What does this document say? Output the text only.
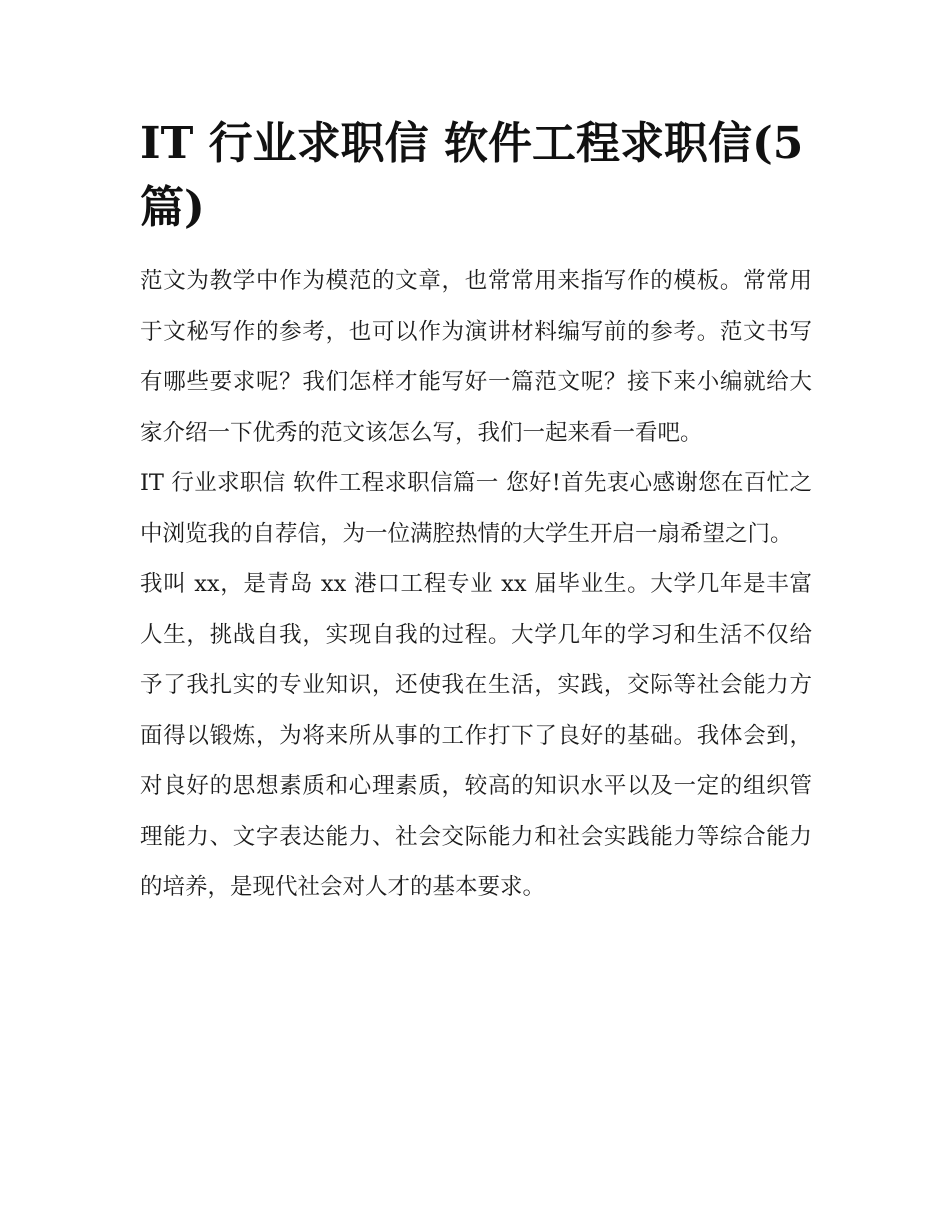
IT 行业求职信 软件工程求职信(5 篇)

范文为教学中作为模范的文章，也常常用来指写作的模板。常常用于文秘写作的参考，也可以作为演讲材料编写前的参考。范文书写有哪些要求呢？我们怎样才能写好一篇范文呢？接下来小编就给大家介绍一下优秀的范文该怎么写，我们一起来看一看吧。

IT 行业求职信 软件工程求职信篇一 您好!首先衷心感谢您在百忙之中浏览我的自荐信，为一位满腔热情的大学生开启一扇希望之门。

我叫 xx，是青岛 xx 港口工程专业 xx 届毕业生。大学几年是丰富人生，挑战自我，实现自我的过程。大学几年的学习和生活不仅给予了我扎实的专业知识，还使我在生活，实践，交际等社会能力方面得以锻炼，为将来所从事的工作打下了良好的基础。我体会到，对良好的思想素质和心理素质，较高的知识水平以及一定的组织管理能力、文字表达能力、社会交际能力和社会实践能力等综合能力的培养，是现代社会对人才的基本要求。
